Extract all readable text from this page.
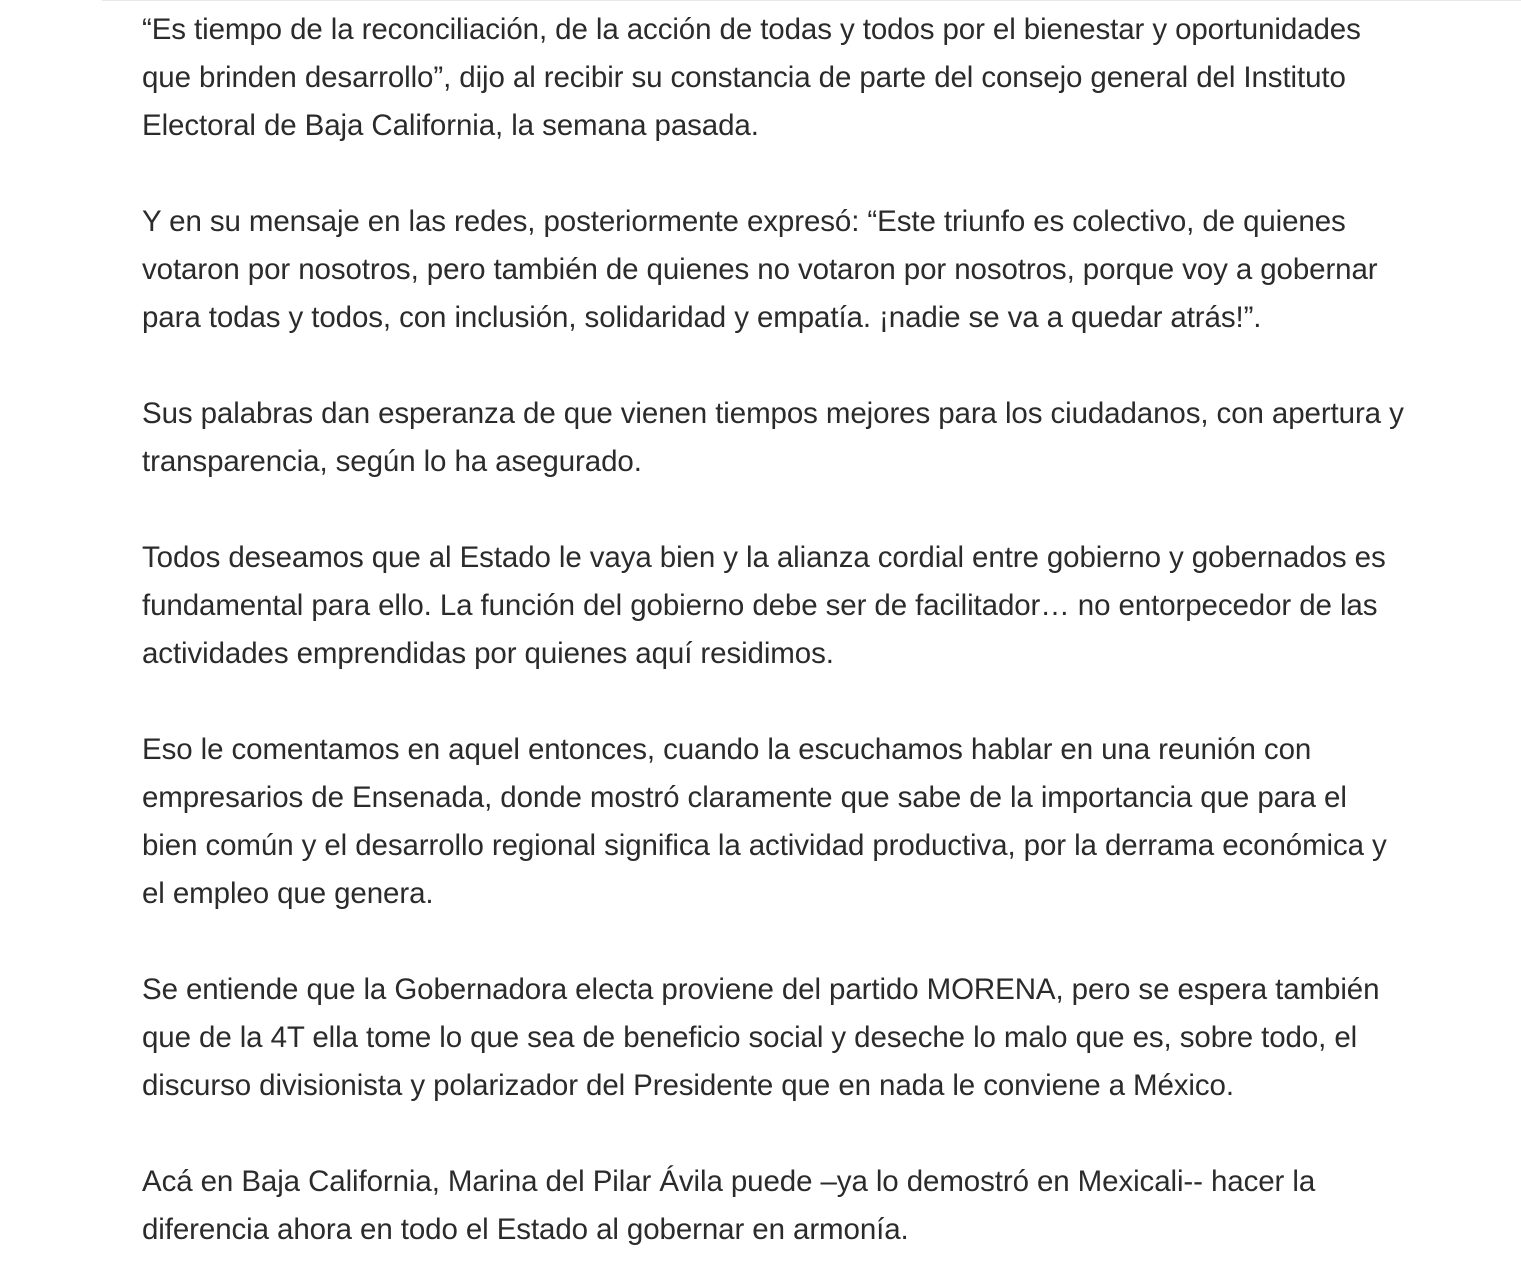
“Es tiempo de la reconciliación, de la acción de todas y todos por el bienestar y oportunidades
que brinden desarrollo”, dijo al recibir su constancia de parte del consejo general del Instituto
Electoral de Baja California, la semana pasada.

Y en su mensaje en las redes, posteriormente expresó: “Este triunfo es colectivo, de quienes
votaron por nosotros, pero también de quienes no votaron por nosotros, porque voy a gobernar
para todas y todos, con inclusión, solidaridad y empatía. ¡nadie se va a quedar atrás!”.

Sus palabras dan esperanza de que vienen tiempos mejores para los ciudadanos, con apertura y
transparencia, según lo ha asegurado.

Todos deseamos que al Estado le vaya bien y la alianza cordial entre gobierno y gobernados es
fundamental para ello. La función del gobierno debe ser de facilitador… no entorpecedor de las
actividades emprendidas por quienes aquí residimos.

Eso le comentamos en aquel entonces, cuando la escuchamos hablar en una reunión con
empresarios de Ensenada, donde mostró claramente que sabe de la importancia que para el
bien común y el desarrollo regional significa la actividad productiva, por la derrama económica y
el empleo que genera.

Se entiende que la Gobernadora electa proviene del partido MORENA, pero se espera también
que de la 4T ella tome lo que sea de beneficio social y deseche lo malo que es, sobre todo, el
discurso divisionista y polarizador del Presidente que en nada le conviene a México.

Acá en Baja California, Marina del Pilar Ávila puede –ya lo demostró en Mexicali-- hacer la
diferencia ahora en todo el Estado al gobernar en armonía.
